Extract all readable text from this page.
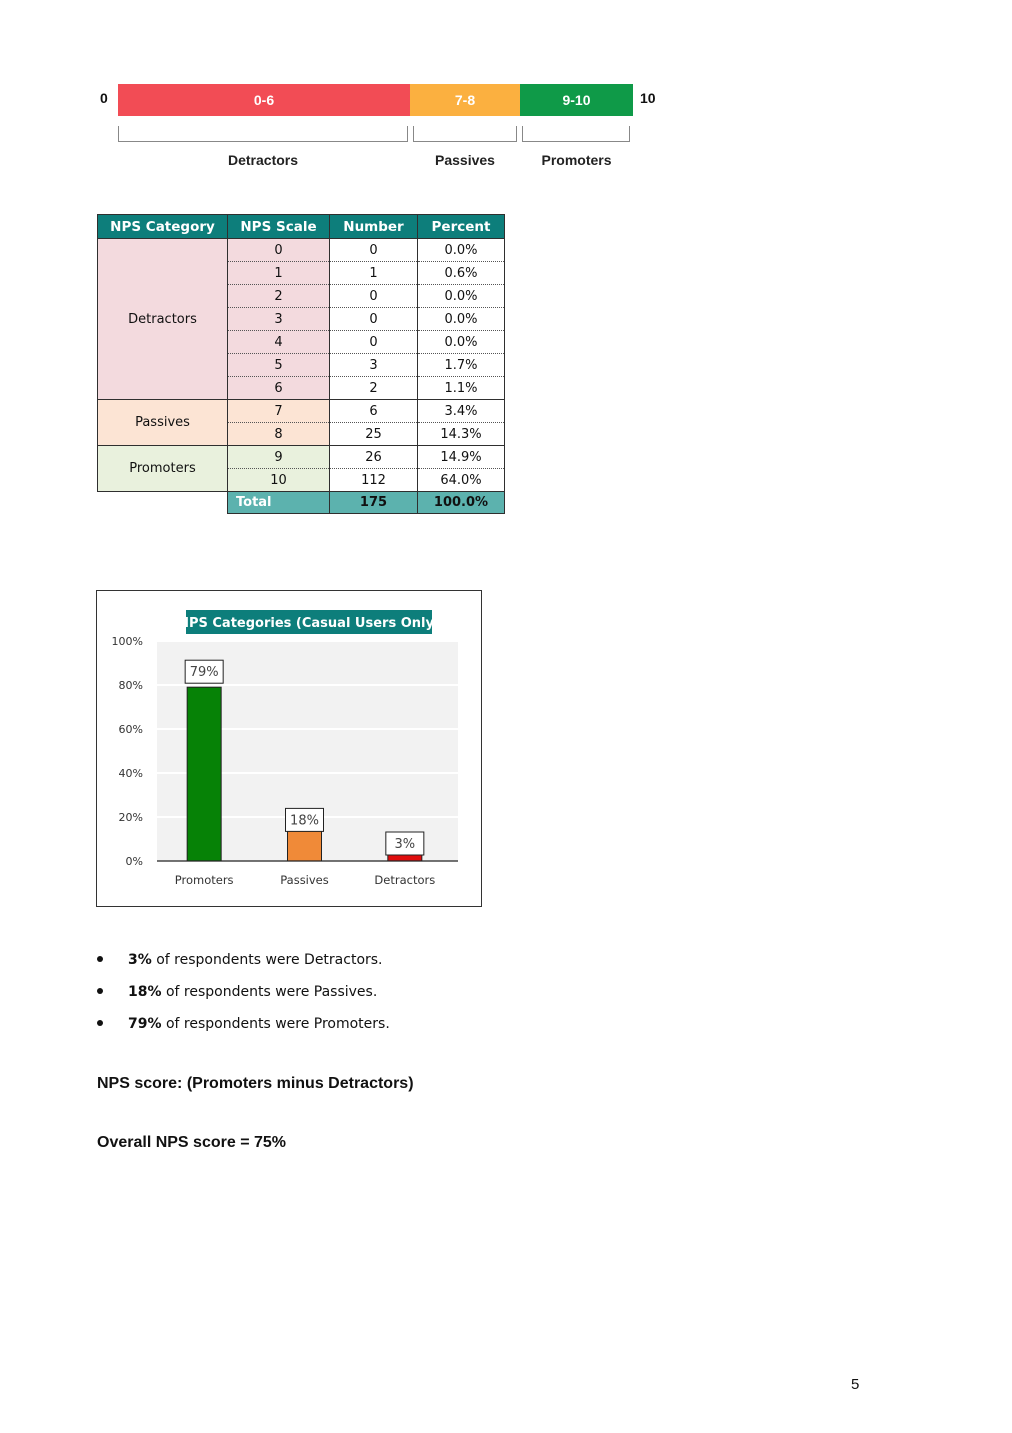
0	0-6	7-8	9-10	10
Detractors	Passives	Promoters
NPS Category	NPS Scale	Number	Percent
Detractors	0	0	0.0%
	1	1	0.6%
	2	0	0.0%
	3	0	0.0%
	4	0	0.0%
	5	3	1.7%
	6	2	1.1%
Passives	7	6	3.4%
	8	25	14.3%
Promoters	9	26	14.9%
	10	112	64.0%
	Total	175	100.0%
0%
20%
40%
60%
80%
100%
NPS Categories (Casual Users Only)
79%
Promoters
18%
Passives
3%
Detractors
3% of respondents were Detractors.
18% of respondents were Passives.
79% of respondents were Promoters.
NPS score: (Promoters minus Detractors)
Overall NPS score = 75%
5
